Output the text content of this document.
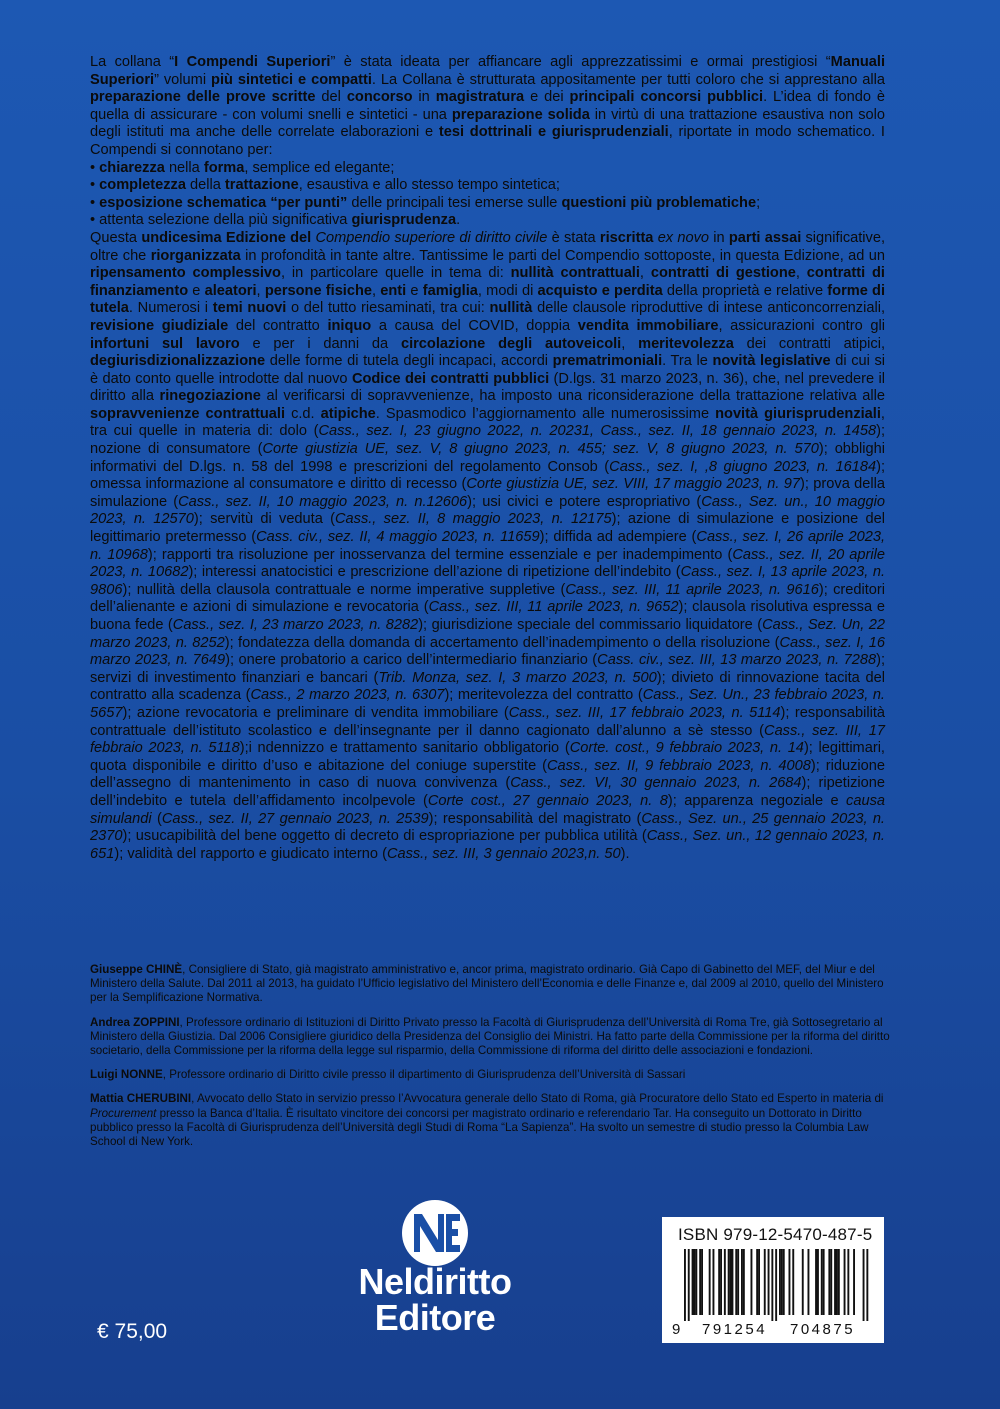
La collana “I Compendi Superiori” è stata ideata per affiancare agli apprezzatissimi e ormai prestigiosi “Manuali Superiori” volumi più sintetici e compatti. La Collana è strutturata appositamente per tutti coloro che si apprestano alla preparazione delle prove scritte del concorso in magistratura e dei principali concorsi pubblici. L’idea di fondo è quella di assicurare - con volumi snelli e sintetici - una preparazione solida in virtù di una trattazione esaustiva non solo degli istituti ma anche delle correlate elaborazioni e tesi dottrinali e giurisprudenziali, riportate in modo schematico. I Compendi si connotano per:

• chiarezza nella forma, semplice ed elegante;

• completezza della trattazione, esaustiva e allo stesso tempo sintetica;

• esposizione schematica “per punti” delle principali tesi emerse sulle questioni più problematiche;

• attenta selezione della più significativa giurisprudenza.

Questa undicesima Edizione del Compendio superiore di diritto civile è stata riscritta ex novo in parti assai significative, oltre che riorganizzata in profondità in tante altre. Tantissime le parti del Compendio sottoposte, in questa Edizione, ad un ripensamento complessivo, in particolare quelle in tema di: nullità contrattuali, contratti di gestione, contratti di finanziamento e aleatori, persone fisiche, enti e famiglia, modi di acquisto e perdita della proprietà e relative forme di tutela. Numerosi i temi nuovi o del tutto riesaminati, tra cui: nullità delle clausole riproduttive di intese anticoncorrenziali, revisione giudiziale del contratto iniquo a causa del COVID, doppia vendita immobiliare, assicurazioni contro gli infortuni sul lavoro e per i danni da circolazione degli autoveicoli, meritevolezza dei contratti atipici, degiurisdizionalizzazione delle forme di tutela degli incapaci, accordi prematrimoniali. Tra le novità legislative di cui si è dato conto quelle introdotte dal nuovo Codice dei contratti pubblici (D.lgs. 31 marzo 2023, n. 36), che, nel prevedere il diritto alla rinegoziazione al verificarsi di sopravvenienze, ha imposto una riconsiderazione della trattazione relativa alle sopravvenienze contrattuali c.d. atipiche. Spasmodico l’aggiornamento alle numerosissime novità giurisprudenziali, tra cui quelle in materia di: dolo (Cass., sez. I, 23 giugno 2022, n. 20231, Cass., sez. II, 18 gennaio 2023, n. 1458); nozione di consumatore (Corte giustizia UE, sez. V, 8 giugno 2023, n. 455; sez. V, 8 giugno 2023, n. 570); obblighi informativi del D.lgs. n. 58 del 1998 e prescrizioni del regolamento Consob (Cass., sez. I, ,8 giugno 2023, n. 16184); omessa informazione al consumatore e diritto di recesso (Corte giustizia UE, sez. VIII, 17 maggio 2023, n. 97); prova della simulazione (Cass., sez. II, 10 maggio 2023, n. n.12606); usi civici e potere espropriativo (Cass., Sez. un., 10 maggio 2023, n. 12570); servitù di veduta (Cass., sez. II, 8 maggio 2023, n. 12175); azione di simulazione e posizione del legittimario pretermesso (Cass. civ., sez. II, 4 maggio 2023, n. 11659); diffida ad adempiere (Cass., sez. I, 26 aprile 2023, n. 10968); rapporti tra risoluzione per inosservanza del termine essenziale e per inadempimento (Cass., sez. II, 20 aprile 2023, n. 10682); interessi anatocistici e prescrizione dell’azione di ripetizione dell’indebito (Cass., sez. I, 13 aprile 2023, n. 9806); nullità della clausola contrattuale e norme imperative suppletive (Cass., sez. III, 11 aprile 2023, n. 9616); creditori dell’alienante e azioni di simulazione e revocatoria (Cass., sez. III, 11 aprile 2023, n. 9652); clausola risolutiva espressa e buona fede (Cass., sez. I, 23 marzo 2023, n. 8282); giurisdizione speciale del commissario liquidatore (Cass., Sez. Un, 22 marzo 2023, n. 8252); fondatezza della domanda di accertamento dell’inadempimento o della risoluzione (Cass., sez. I, 16 marzo 2023, n. 7649); onere probatorio a carico dell’intermediario finanziario (Cass. civ., sez. III, 13 marzo 2023, n. 7288); servizi di investimento finanziari e bancari (Trib. Monza, sez. I, 3 marzo 2023, n. 500); divieto di rinnovazione tacita del contratto alla scadenza (Cass., 2 marzo 2023, n. 6307); meritevolezza del contratto (Cass., Sez. Un., 23 febbraio 2023, n. 5657); azione revocatoria e preliminare di vendita immobiliare (Cass., sez. III, 17 febbraio 2023, n. 5114); responsabilità contrattuale dell’istituto scolastico e dell’insegnante per il danno cagionato dall’alunno a sè stesso (Cass., sez. III, 17 febbraio 2023, n. 5118);i ndennizzo e trattamento sanitario obbligatorio (Corte. cost., 9 febbraio 2023, n. 14); legittimari, quota disponibile e diritto d’uso e abitazione del coniuge superstite (Cass., sez. II, 9 febbraio 2023, n. 4008); riduzione dell’assegno di mantenimento in caso di nuova convivenza (Cass., sez. VI, 30 gennaio 2023, n. 2684); ripetizione dell’indebito e tutela dell’affidamento incolpevole (Corte cost., 27 gennaio 2023, n. 8); apparenza negoziale e causa simulandi (Cass., sez. II, 27 gennaio 2023, n. 2539); responsabilità del magistrato (Cass., Sez. un., 25 gennaio 2023, n. 2370); usucapibilità del bene oggetto di decreto di espropriazione per pubblica utilità (Cass., Sez. un., 12 gennaio 2023, n. 651); validità del rapporto e giudicato interno (Cass., sez. III, 3 gennaio 2023,n. 50).

Giuseppe CHINÈ, Consigliere di Stato, già magistrato amministrativo e, ancor prima, magistrato ordinario. Già Capo di Gabinetto del MEF, del Miur e del Ministero della Salute. Dal 2011 al 2013, ha guidato l’Ufficio legislativo del Ministero dell’Economia e delle Finanze e, dal 2009 al 2010, quello del Ministero per la Semplificazione Normativa.

Andrea ZOPPINI, Professore ordinario di Istituzioni di Diritto Privato presso la Facoltà di Giurisprudenza dell’Università di Roma Tre, già Sottosegretario al Ministero della Giustizia. Dal 2006 Consigliere giuridico della Presidenza del Consiglio dei Ministri. Ha fatto parte della Commissione per la riforma del diritto societario, della Commissione per la riforma della legge sul risparmio, della Commissione di riforma del diritto delle associazioni e fondazioni.

Luigi NONNE, Professore ordinario di Diritto civile presso il dipartimento di Giurisprudenza dell’Università di Sassari

Mattia CHERUBINI, Avvocato dello Stato in servizio presso l’Avvocatura generale dello Stato di Roma, già Procuratore dello Stato ed Esperto in materia di Procurement presso la Banca d’Italia. È risultato vincitore dei concorsi per magistrato ordinario e referendario Tar. Ha conseguito un Dottorato in Diritto pubblico presso la Facoltà di Giurisprudenza dell’Università degli Studi di Roma “La Sapienza”. Ha svolto un semestre di studio presso la Columbia Law School di New York.

Neldiritto
Editore
€ 75,00
ISBN 979-12-5470-487-5
9 791254 704875
